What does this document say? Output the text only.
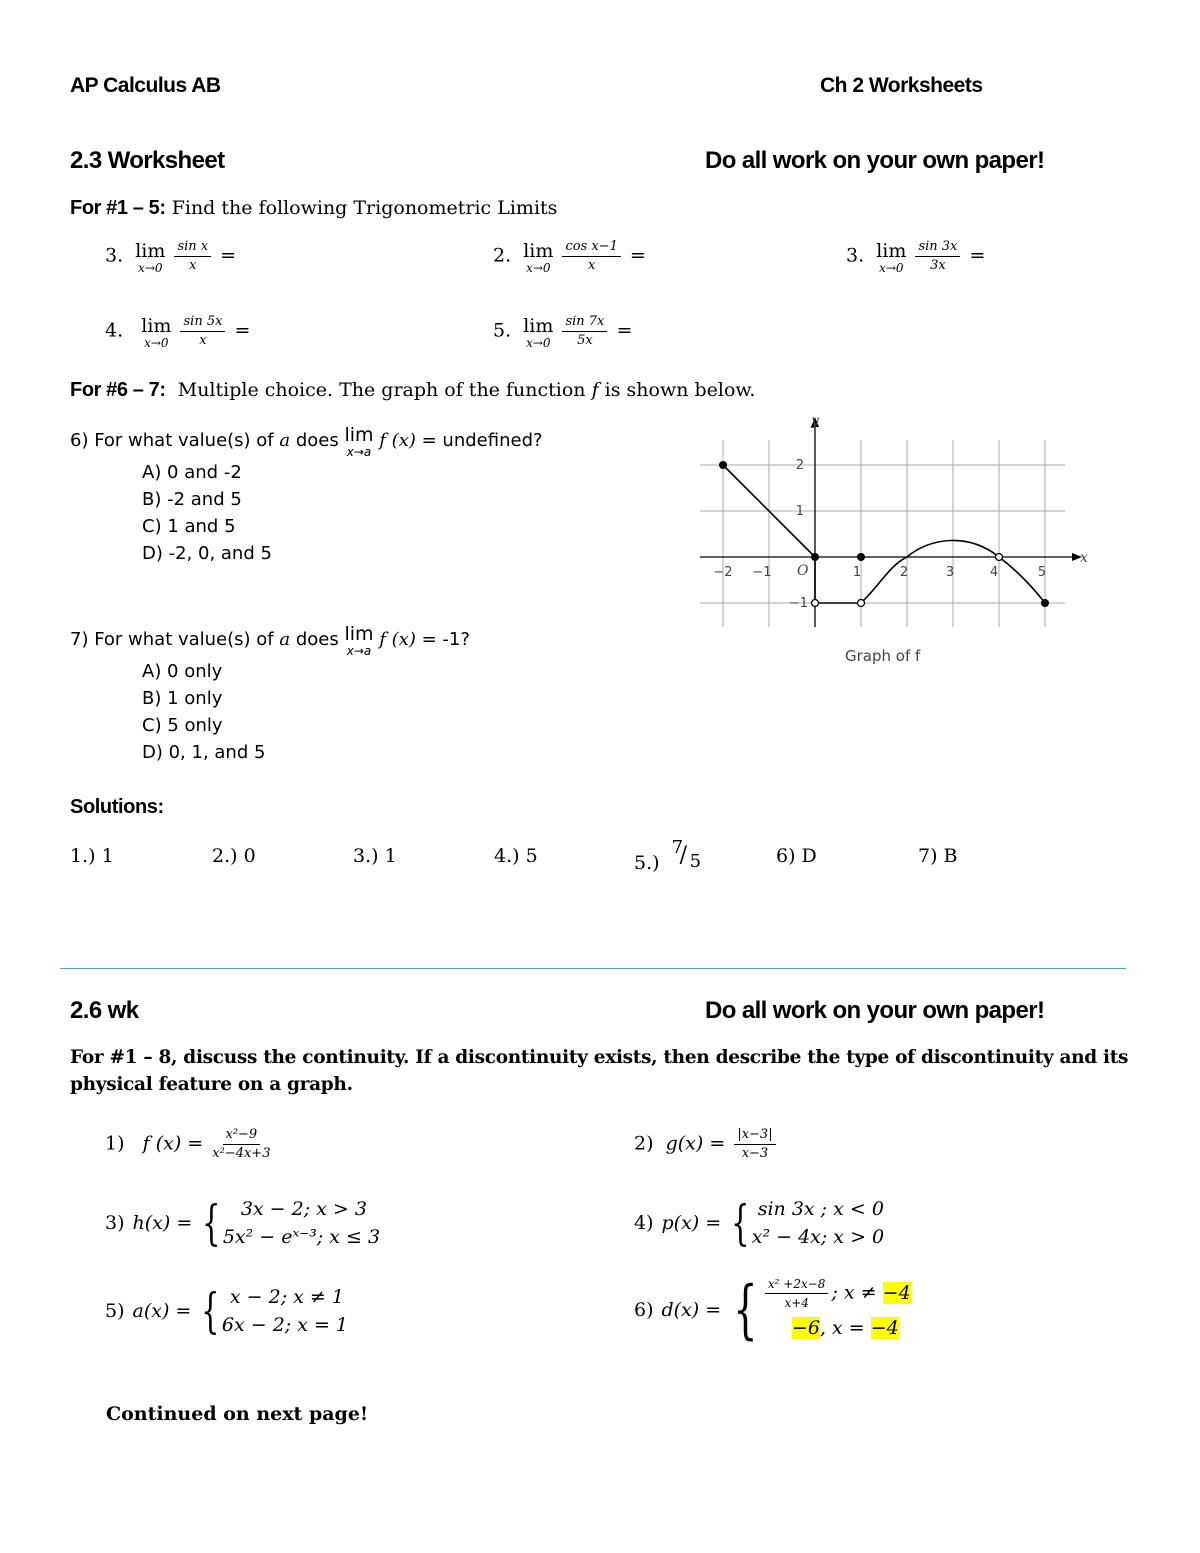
AP Calculus AB	Ch 2 Worksheets
2.3 Worksheet	Do all work on your own paper!
For #1 – 5: Find the following Trigonometric Limits
3. lim
x→0
$\frac{\text{sin x}}{x}$ =	2. lim
x→0
$\frac{\text{cos x−1}}{x}$ =	3. lim
x→0
$\frac{\sin 3x}{3x}$ =
4. lim
x→0
$\frac{\sin 5x}{x}$ =	5. lim
x→0
$\frac{\sin 7x}{5x}$ =
For #6 – 7: Multiple choice. The graph of the function f is shown below.
6) For what value(s) of a does lim
x→a
f (x) = undefined?
A) 0 and -2
B) -2 and 5
C) 1 and 5
D) -2, 0, and 5
7) For what value(s) of a does lim
x→a
f (x) = -1?
A) 0 only
B) 1 only
C) 5 only
D) 0, 1, and 5
y
x
O
−2 −1	1	2	3	4	5
2
1
−1
Graph of f
Solutions:
1.) 1	2.) 0	3.) 1	4.) 5	5.)
7
/ 5	6) D	7) B
2.6 wk	Do all work on your own paper!
For #1 – 8, discuss the continuity. If a discontinuity exists, then describe the type of discontinuity and its
physical feature on a graph.
1) f $(x) = \frac{\text{x²−9}}{\text{x²−4x+3}}$	2) $g(x) = \frac{|x-3|}{x-3}$
3) h(x) = {	3x − 2; x > 3
5x² − eˣ⁻³; x ≤ 3
4) p(x) = { sin 3x ; x < 0
x² − 4x; x > 0
5) a(x) = { x − 2; x ≠ 1
6x − 2; x = 1
6) d(x) = { $\frac{\text{x² +2x−8}}{x+4}$ ; x ≠ −4
−6, x = −4
Continued on next page!
